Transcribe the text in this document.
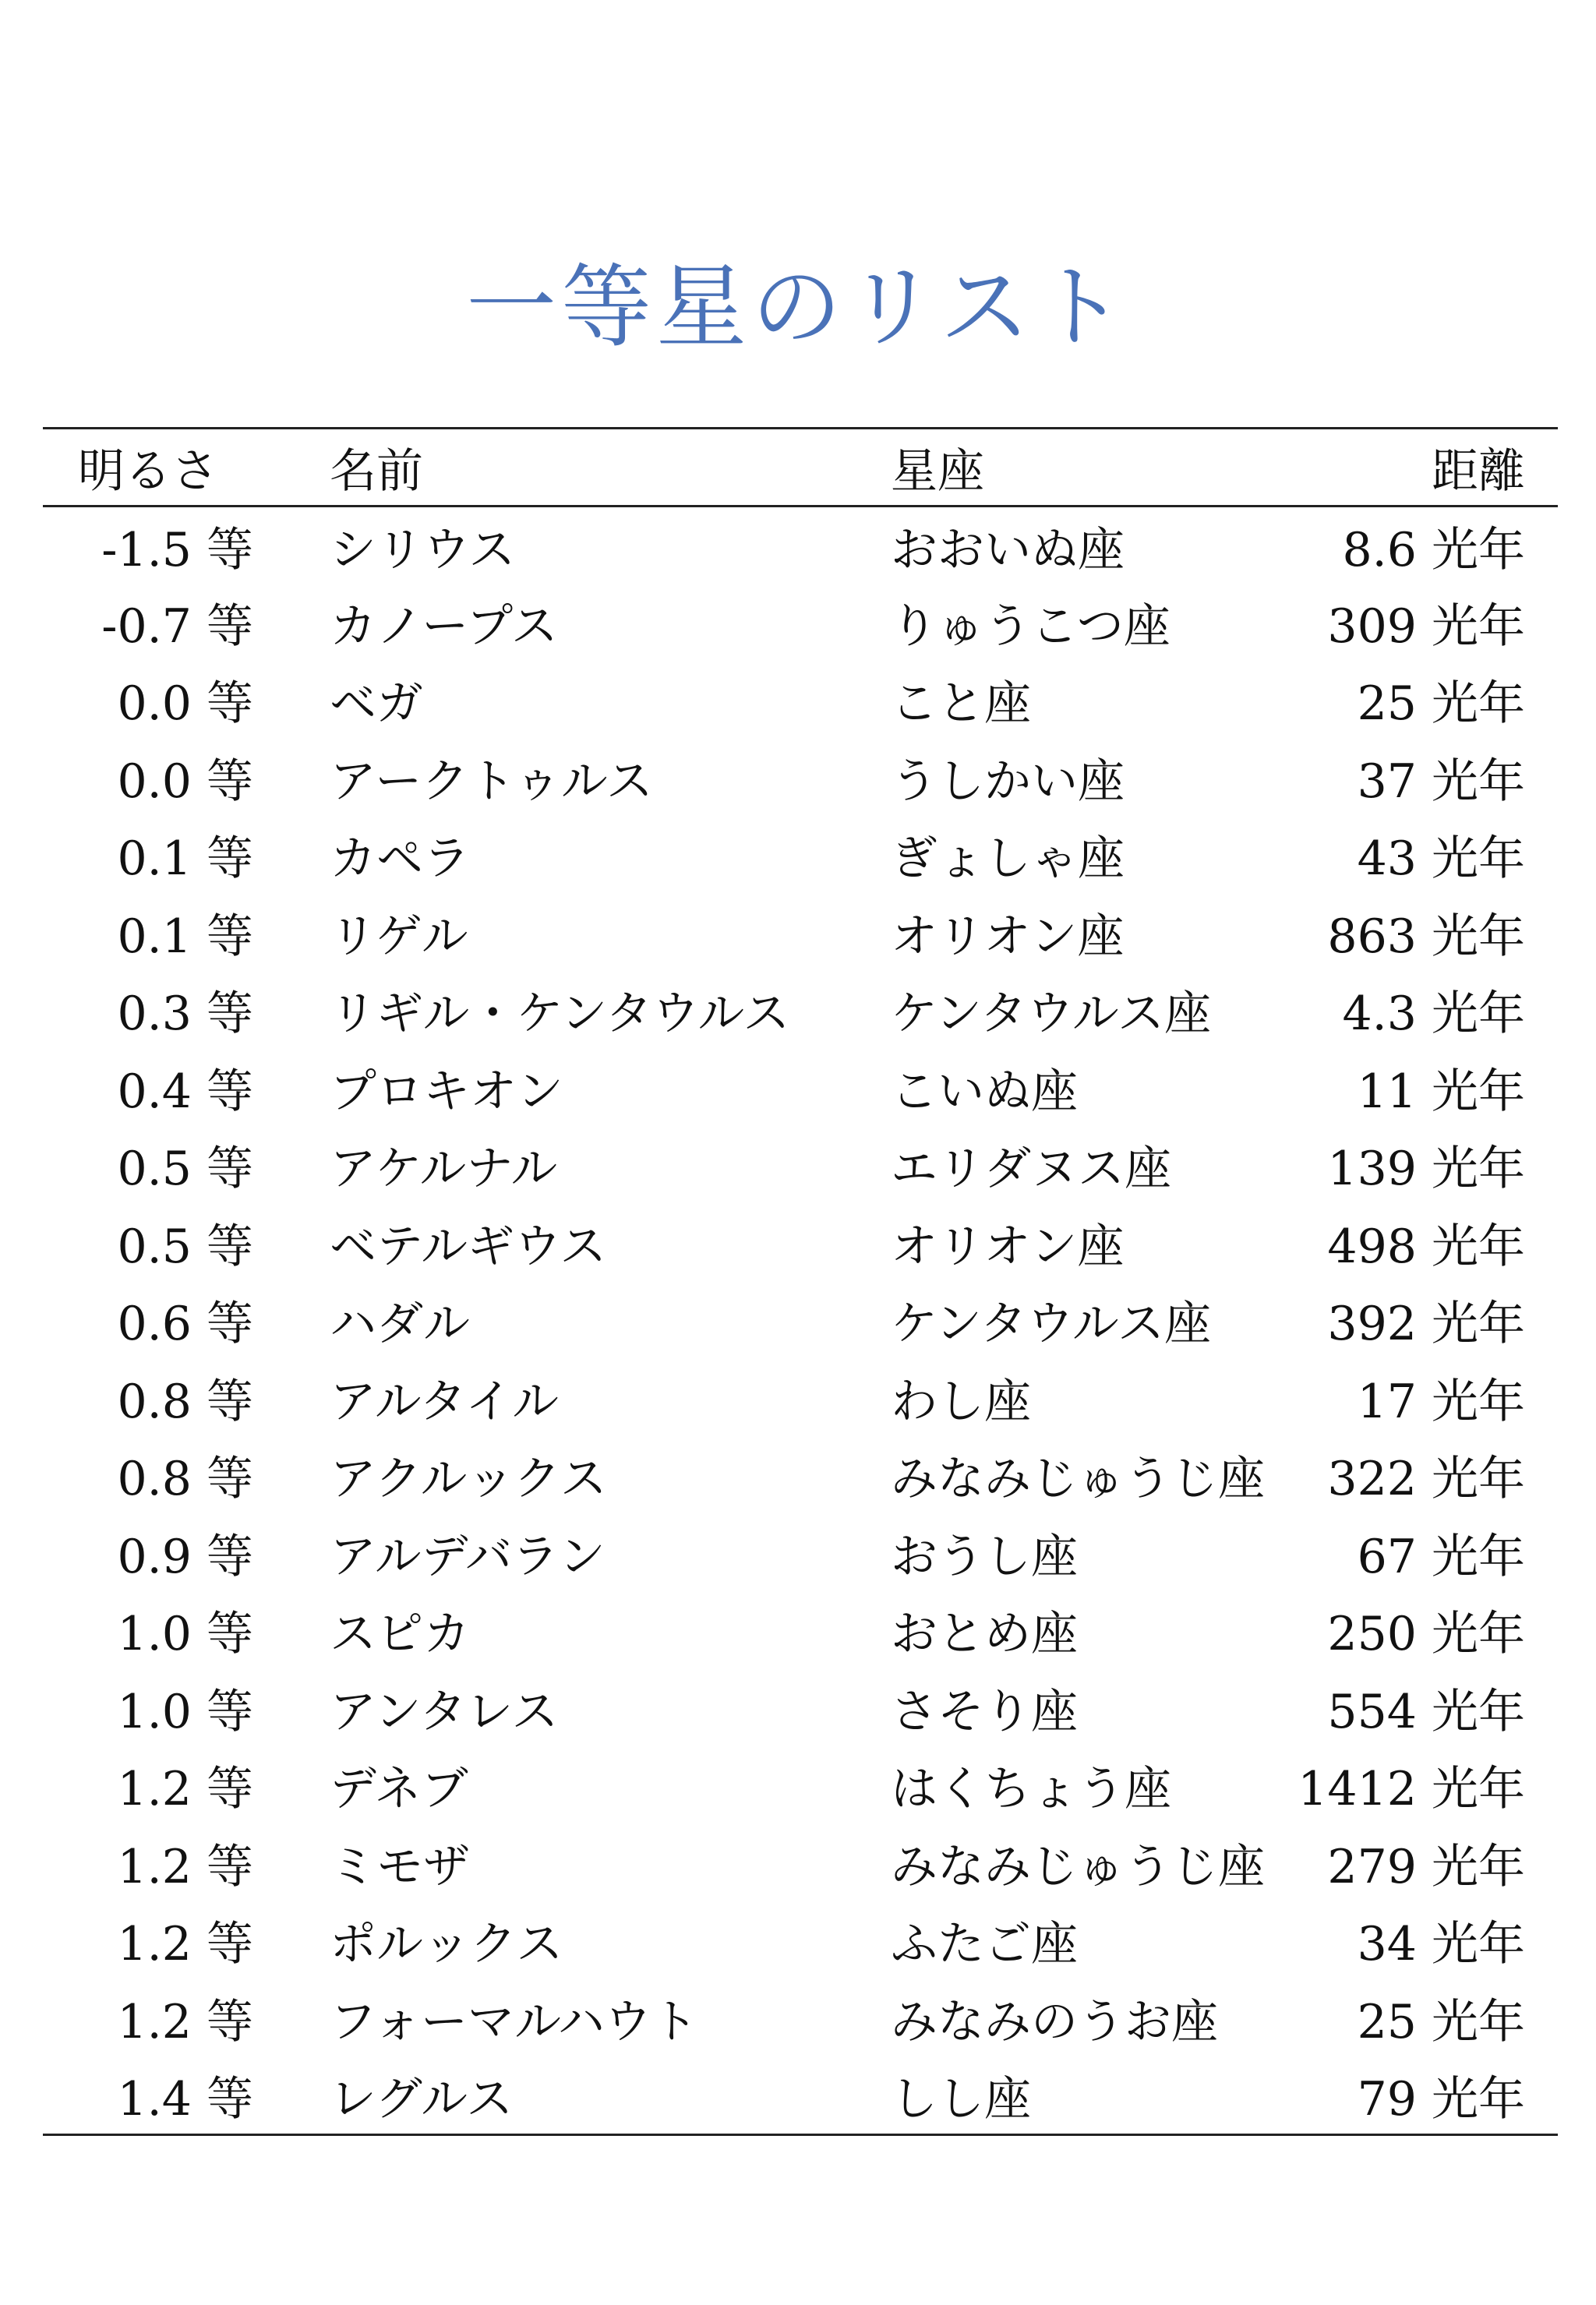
一等星のリスト
明るさ	名前	星座	距離
-1.5 等	シリウス	おおいぬ座	8.6 光年
-0.7 等	カノープス	りゅうこつ座	309 光年
0.0 等	ベガ	こと座	25 光年
0.0 等	アークトゥルス	うしかい座	37 光年
0.1 等	カペラ	ぎょしゃ座	43 光年
0.1 等	リゲル	オリオン座	863 光年
0.3 等	リギル・ケンタウルス	ケンタウルス座	4.3 光年
0.4 等	プロキオン	こいぬ座	11 光年
0.5 等	アケルナル	エリダヌス座	139 光年
0.5 等	ベテルギウス	オリオン座	498 光年
0.6 等	ハダル	ケンタウルス座	392 光年
0.8 等	アルタイル	わし座	17 光年
0.8 等	アクルックス	みなみじゅうじ座	322 光年
0.9 等	アルデバラン	おうし座	67 光年
1.0 等	スピカ	おとめ座	250 光年
1.0 等	アンタレス	さそり座	554 光年
1.2 等	デネブ	はくちょう座	1412 光年
1.2 等	ミモザ	みなみじゅうじ座	279 光年
1.2 等	ポルックス	ふたご座	34 光年
1.2 等	フォーマルハウト	みなみのうお座	25 光年
1.4 等	レグルス	しし座	79 光年
